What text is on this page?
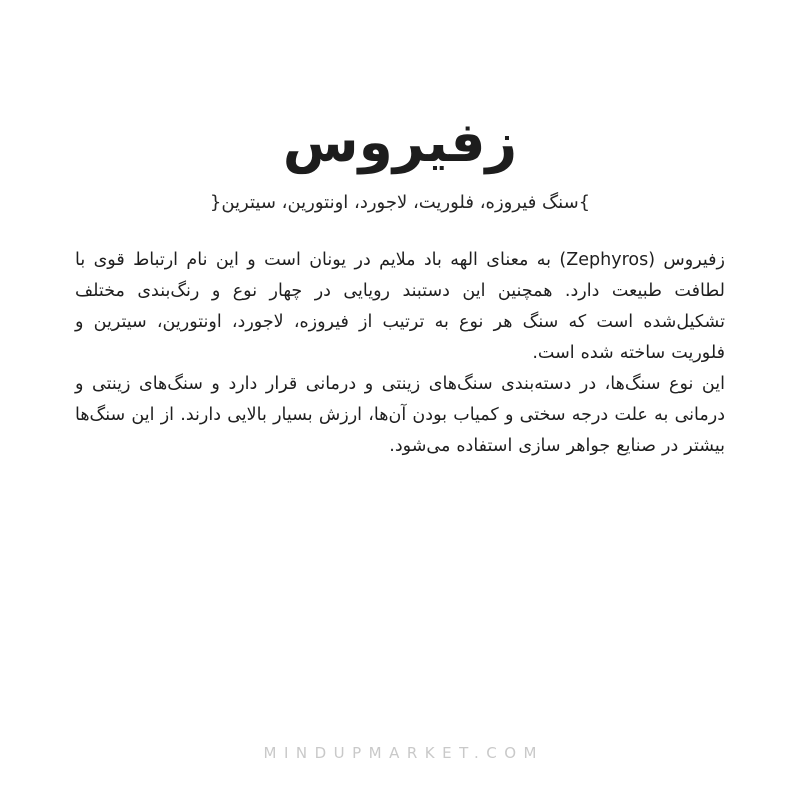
زفیروس
}سنگ فیروزه، فلوریت، لاجورد، اونتورین، سیترین{

زفیروس (Zephyros) به معنای الهه باد ملایم در یونان است و این نام ارتباط قوی با لطافت طبیعت دارد. همچنین این دستبند رویایی در چهار نوع و رنگ‌بندی مختلف تشکیل‌شده است که سنگ هر نوع به ترتیب از فیروزه، لاجورد، اونتورین، سیترین و فلوریت ساخته شده است.

این نوع سنگ‌ها، در دسته‌بندی سنگ‌های زینتی و درمانی قرار دارد و سنگ‌های زینتی و درمانی به علت درجه سختی و کمیاب بودن آن‌ها، ارزش بسیار بالایی دارند. از این سنگ‌ها بیشتر در صنایع جواهر سازی استفاده می‌شود.

MINDUPMARKET.COM
